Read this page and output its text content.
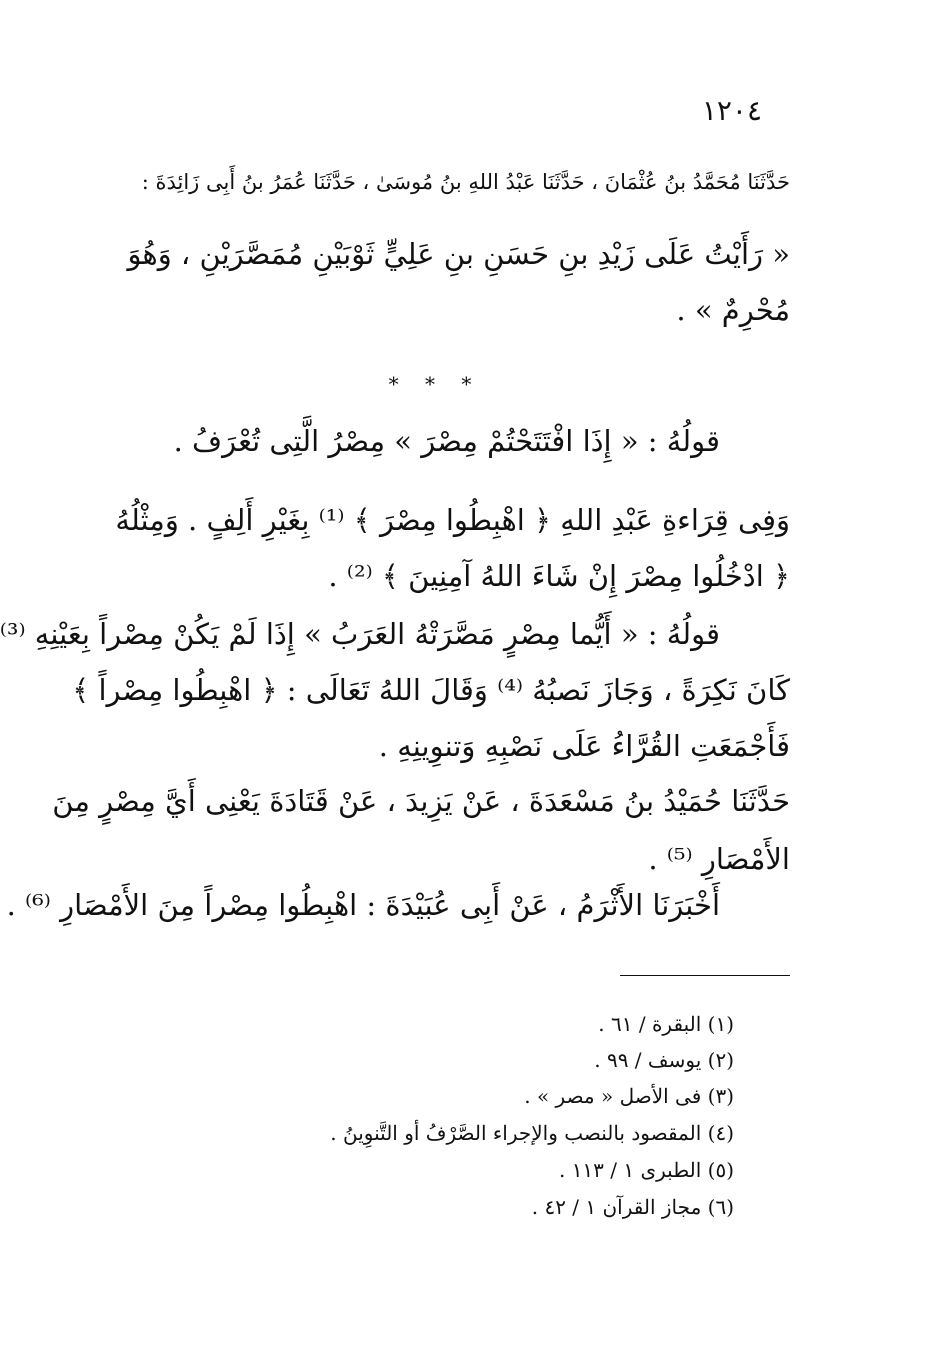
١٢٠٤
حَدَّثَنَا مُحَمَّدُ بنُ عُثْمَانَ ، حَدَّثَنَا عَبْدُ اللهِ بنُ مُوسَىٰ ، حَدَّثَنَا عُمَرُ بنُ أَبِى زَائِدَةَ :
« رَأَيْتُ عَلَى زَيْدِ بنِ حَسَنِ بنِ عَلِيٍّ ثَوْبَيْنِ مُمَصَّرَيْنِ ، وَهُوَ
مُحْرِمٌ » .
* * *
قولُهُ : « إِذَا افْتَتَحْتُمْ مِصْرَ » مِصْرُ الَّتِى تُعْرَفُ .
وَفِى قِرَاءةِ عَبْدِ اللهِ ﴿ اهْبِطُوا مِصْرَ ﴾ ⁽¹⁾ بِغَيْرِ أَلِفٍ . وَمِثْلُهُ
﴿ ادْخُلُوا مِصْرَ إِنْ شَاءَ اللهُ آمِنِينَ ﴾ ⁽²⁾ .
قولُهُ : « أَيُّما مِصْرٍ مَصَّرَتْهُ العَرَبُ » إِذَا لَمْ يَكُنْ مِصْراً بِعَيْنِهِ ⁽³⁾
كَانَ نَكِرَةً ، وَجَازَ نَصبُهُ ⁽⁴⁾ وَقَالَ اللهُ تَعَالَى : ﴿ اهْبِطُوا مِصْراً ﴾
فَأَجْمَعَتِ القُرَّاءُ عَلَى نَصْبِهِ وَتنوِينِهِ .
حَدَّثَنَا حُمَيْدُ بنُ مَسْعَدَةَ ، عَنْ يَزِيدَ ، عَنْ قَتَادَةَ يَعْنِى أَيَّ مِصْرٍ مِنَ
الأَمْصَارِ ⁽⁵⁾ .
أَخْبَرَنَا الأَثْرَمُ ، عَنْ أَبِى عُبَيْدَةَ : اهْبِطُوا مِصْراً مِنَ الأَمْصَارِ ⁽⁶⁾ .
(١) البقرة / ٦١ .
(٢) يوسف / ٩٩ .
(٣) فى الأصل « مصر » .
(٤) المقصود بالنصب والإجراء الصَّرْفُ أو التَّنوِينُ .
(٥) الطبرى ١ / ١١٣ .
(٦) مجاز القرآن ١ / ٤٢ .
